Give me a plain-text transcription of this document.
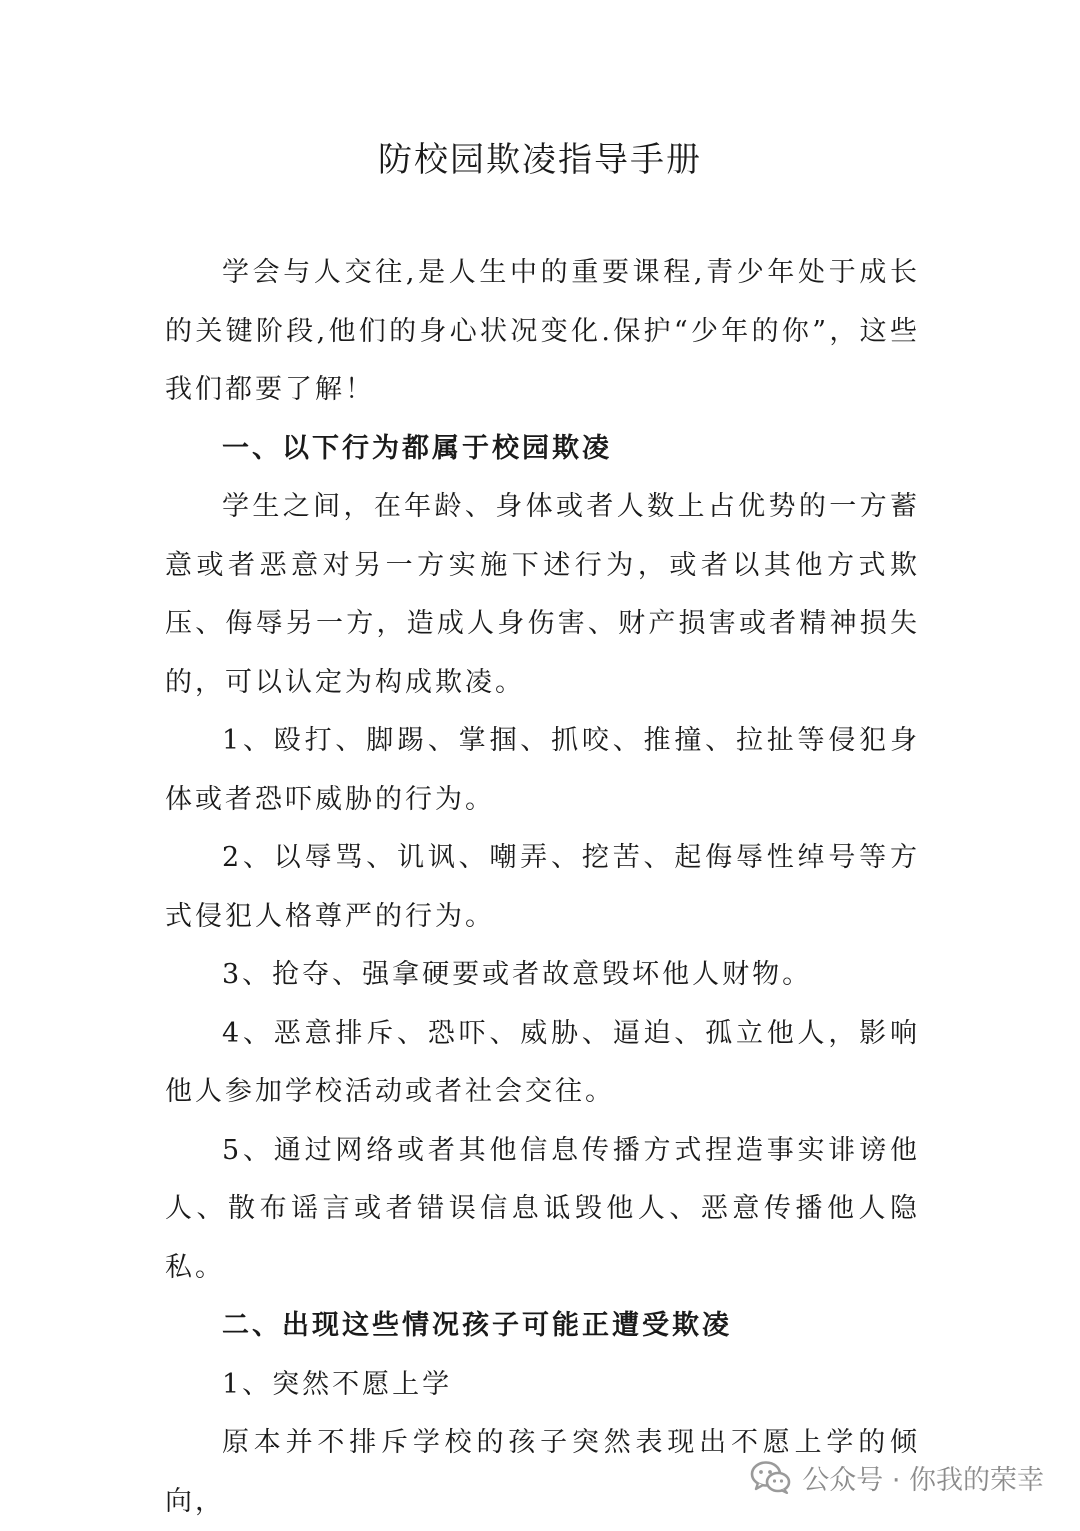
防校园欺凌指导手册

学会与人交往,是人生中的重要课程,青少年处于成长的关键阶段,他们的身心状况变化.保护“少年的你”，这些我们都要了解！

一、以下行为都属于校园欺凌

学生之间，在年龄、身体或者人数上占优势的一方蓄意或者恶意对另一方实施下述行为，或者以其他方式欺压、侮辱另一方，造成人身伤害、财产损害或者精神损失的，可以认定为构成欺凌。

1、殴打、脚踢、掌掴、抓咬、推撞、拉扯等侵犯身体或者恐吓威胁的行为。

2、以辱骂、讥讽、嘲弄、挖苦、起侮辱性绰号等方式侵犯人格尊严的行为。

3、抢夺、强拿硬要或者故意毁坏他人财物。

4、恶意排斥、恐吓、威胁、逼迫、孤立他人，影响他人参加学校活动或者社会交往。

5、通过网络或者其他信息传播方式捏造事实诽谤他人、散布谣言或者错误信息诋毁他人、恶意传播他人隐私。

二、出现这些情况孩子可能正遭受欺凌

1、突然不愿上学

原本并不排斥学校的孩子突然表现出不愿上学的倾向，

公众号 · 你我的荣幸
